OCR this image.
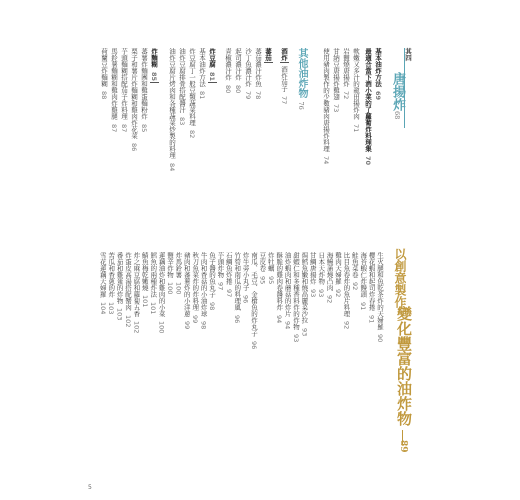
其四
唐揚炸68
基本油炸方法 69
最適合當下酒小菜的了蘿蔔炸料理集 70
軟嫩又多汁的龍田揚炸肉 71
岩鹽燒唐揚炸 72
甘納豆唐揚炸雞翅 73
使用豬肉製作的少數豬肉唐揚炸料理 74
其他油炸物 76
酒炸
酒炸茄子 77
蕃茄
蕃茄濃汁炸魚 78
沙丁魚濃汁炸 79
起司濃汁炸 80
青椒濃汁炸 80
炸豆腐 81
基本油炸方法 81
炸豆腐丁一般豆類蔬菜料理 82
油炸豆腐排骨搭配醬汁 83
油炸豆腐片烤肉和各種蔬菜炒製的料理 84
炸麵糊 85
蕃薯炸麵團和雞蛋麵粉炸 85
栗子和薯片炸麵糊和雞肉炸花菜 86
芋頭麵糊搭配茄子炸料理 87
馬鈴薯麵糊和雞肉炸雞腿 87
荷蘭豆炸麵糊 88
以創意製作
變化豐富的油炸物
89
生火腿和魚乾茶炸的天婦羅 90
櫻花蝦和起司炸春捲 91
海苔蝦仁炸饅頭 91
鮭魚菜卷 92
比目魚卷炸的魚片料理 92
雞肉天婦羅 92
海鰻蒲燒凸肉 92
日本天炸物 93
甘鯛唐揚炸 93
焗鱈魚嫩和燒高麗菜沙拉 93
甜蝦仁和多種香料炸的炸物 93
油炸蝦肉和蘑菇的炸片 94
酥脆的雞肉卷醬料炸 94
炸牡蠣 95
豆皮卷 95
南瓜、毛豆、金槍魚的炸丸子 96
炸牛蒡小丸子 96
竹筍和南瓜的料理風 96
石鯛魚炸捲 97
芋頭炸物 97
魚子醬的魚丸子 98
牛肉和香菇的小油炸球 98
秋刀魚菜炸的炸料理 99
豬肉和蕃薯炸的小洋蔥 99
炸馬鈴薯 100
鹽辛炸物 100
蓮藕油炸和雞肉的小菜 100
鱈魚的兩種炸法 101
鯖魚梅乾嫩燒 101
炸之麻豆腐和蘿蔔五香 102
炸蛋皮高湯搭配蟹肉 102
番茄和雞蛋的炸物 103
苦瓜和香蔥的炸 103
雪花蓮藕天婦羅 104
5
